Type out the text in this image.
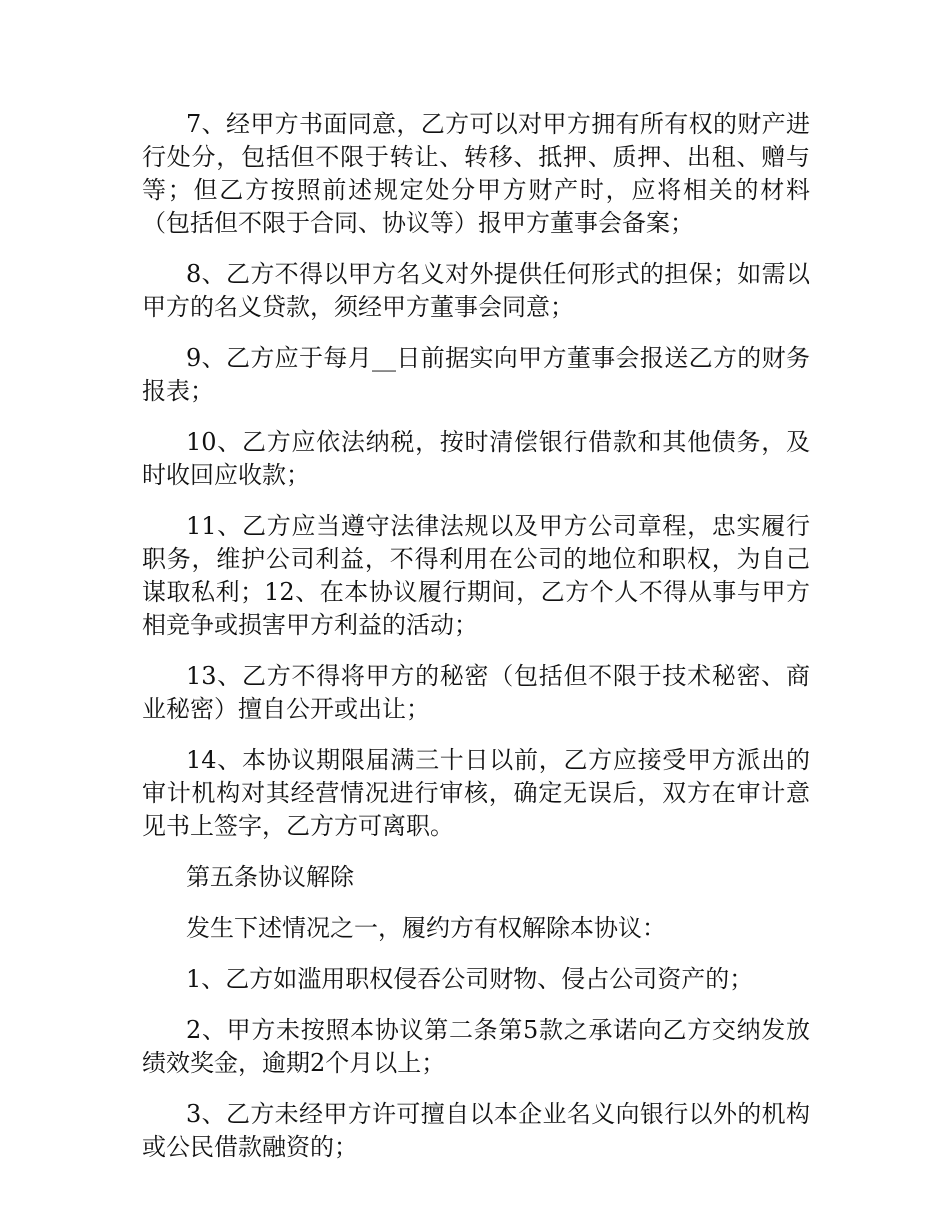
7、经甲方书面同意，乙方可以对甲方拥有所有权的财产进行处分，包括但不限于转让、转移、抵押、质押、出租、赠与等；但乙方按照前述规定处分甲方财产时，应将相关的材料（包括但不限于合同、协议等）报甲方董事会备案；

8、乙方不得以甲方名义对外提供任何形式的担保；如需以甲方的名义贷款，须经甲方董事会同意；

9、乙方应于每月__日前据实向甲方董事会报送乙方的财务报表；

10、乙方应依法纳税，按时清偿银行借款和其他债务，及时收回应收款；

11、乙方应当遵守法律法规以及甲方公司章程，忠实履行职务，维护公司利益，不得利用在公司的地位和职权，为自己谋取私利；12、在本协议履行期间，乙方个人不得从事与甲方相竞争或损害甲方利益的活动；

13、乙方不得将甲方的秘密（包括但不限于技术秘密、商业秘密）擅自公开或出让；

14、本协议期限届满三十日以前，乙方应接受甲方派出的审计机构对其经营情况进行审核，确定无误后，双方在审计意见书上签字，乙方方可离职。

第五条协议解除

发生下述情况之一，履约方有权解除本协议：

1、乙方如滥用职权侵吞公司财物、侵占公司资产的；

2、甲方未按照本协议第二条第5款之承诺向乙方交纳发放绩效奖金，逾期2个月以上；

3、乙方未经甲方许可擅自以本企业名义向银行以外的机构或公民借款融资的；
